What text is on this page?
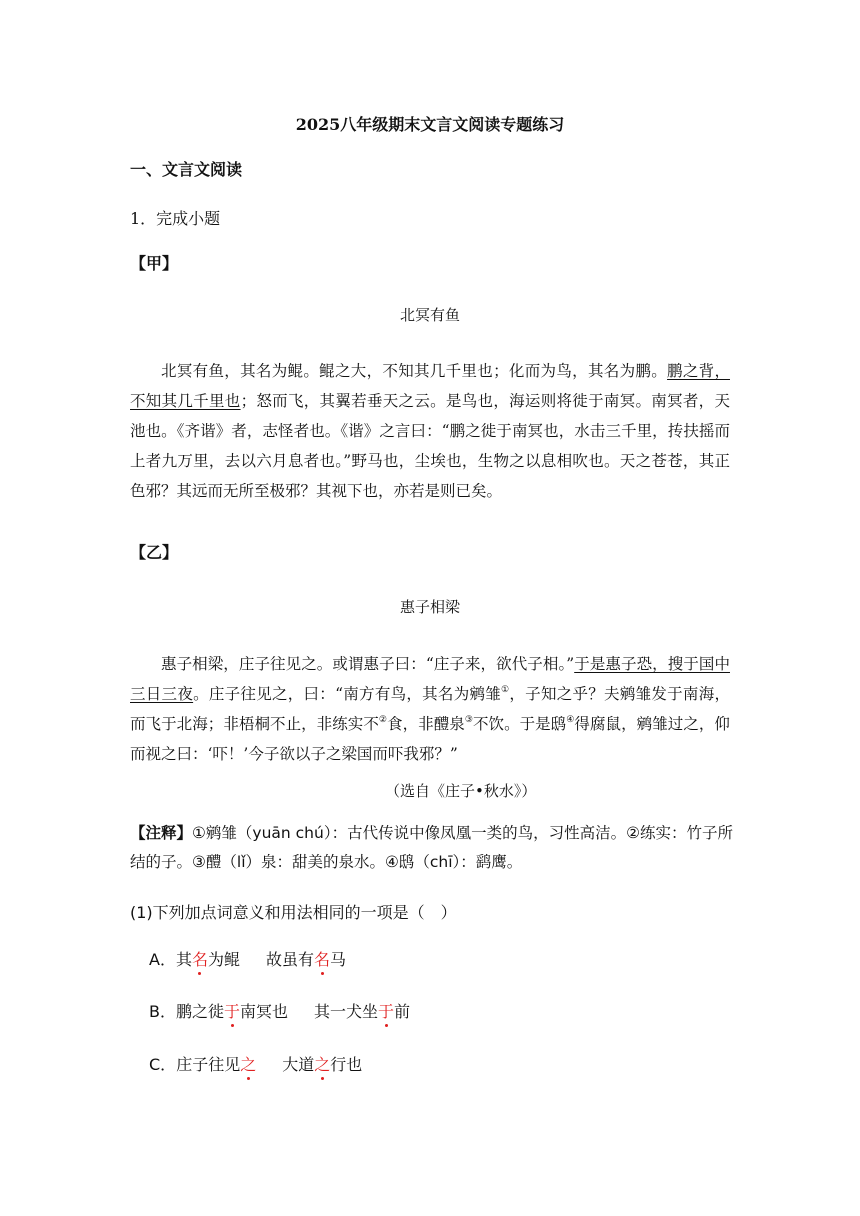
2025八年级期末文言文阅读专题练习
一、文言文阅读
1．完成小题
【甲】
北冥有鱼

北冥有鱼，其名为鲲。鲲之大，不知其几千里也；化而为鸟，其名为鹏。鹏之背，不知其几千里也；怒而飞，其翼若垂天之云。是鸟也，海运则将徙于南冥。南冥者，天池也。《齐谐》者，志怪者也。《谐》之言曰：“鹏之徙于南冥也，水击三千里，抟扶摇而上者九万里，去以六月息者也。”野马也，尘埃也，生物之以息相吹也。天之苍苍，其正色邪？其远而无所至极邪？其视下也，亦若是则已矣。

【乙】
惠子相梁

惠子相梁，庄子往见之。或谓惠子曰：“庄子来，欲代子相。”于是惠子恐，搜于国中三日三夜。庄子往见之，曰：“南方有鸟，其名为鹓雏①，子知之乎？夫鹓雏发于南海，而飞于北海；非梧桐不止，非练实不②食，非醴泉③不饮。于是鸱④得腐鼠，鹓雏过之，仰而视之曰：‘吓！’今子欲以子之梁国而吓我邪？”

（选自《庄子•秋水》）
【注释】①鹓雏（yuān chú）：古代传说中像凤凰一类的鸟，习性高洁。②练实：竹子所结的子。③醴（lǐ）泉：甜美的泉水。④鸱（chī）：鹞鹰。
(1)下列加点词意义和用法相同的一项是（　）
A．其名为鲲 故虽有名马
B．鹏之徙于南冥也 其一犬坐于前
C．庄子往见之 大道之行也
